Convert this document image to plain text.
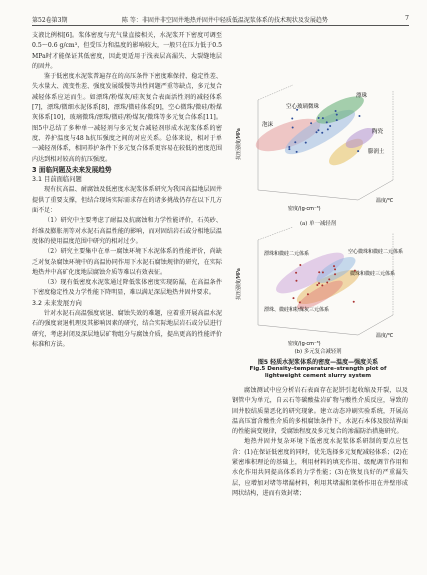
第52卷第3期	陈 等：非固井非空固井地热并固井中轻质低温泥浆体系的技术现状及发展趋势	7

支液比例相[6]。浆体密度与充气量直接相关，水泥浆开下密度可调至0.5～0.6 g/cm³，但受压力和温度的影响较大，一般只在压力低于0.5 MPa时才能保证其低密度，因此更适用于浅表层高漏失、大裂缝地层的固井。

鉴于低密度水泥浆普遍存在的高压条件下密度难保持、稳定性差、失水量大、流变性差、强度发展缓慢等共性问题严重等缺点，多元复合减轻体系应运而生。如漂珠/粉煤灰/硅灰复合表面活性剂的减轻体系[7]，漂珠/微细水泥体系[8]，漂珠/微硅体系[9]，空心微珠/微硅/粉煤灰体系[10]，玻璃微珠/漂珠/微硅/粉煤灰/微珠等多元复合体系[11]。图5中总结了多种单一减轻剂与多元复合减轻剂形成水泥浆体系的密度、养护温度与48 h抗压强度之间的对应关系。总体来说，相对于单一减轻剂体系，相同养护条件下多元复合体系更容易在较低的密度范围内达到相对较高的抗压强度。

3 面临问题及未来发展趋势

3.1 目前面临问题

现有抗高温、耐腐蚀及低密度水泥浆体系研究为我国高温地层固井提供了重要支撑，但结合现场实际需求存在的诸多挑战仍存在以下几方面不足：

（1）研究中主要考虑了耐温及抗腐蚀和力学性能评价，石英砂、纤维及膨胀剂等对水泥石高温性能的影响，而对固结岩石或分相地层温度体的使用温度范围中研究的相对过少。

（2）研究主要集中在单一腐蚀环境下水泥体系的性能评价，尚缺乏对复杂腐蚀环境中的高温协同作用下水泥石腐蚀规律的研究，在实际地热井中高矿化度地层腐蚀介质等难以有效表征。

（3）现有低密度水泥浆通过降低浆体密度实现防漏，在高温条件下密度稳定性及力学性能下降明显，难以满足深层地热井固井要求。

3.2 未来发展方向

针对水泥石高温强度衰退、腐蚀失效的难题，应着重开展高温水泥石的强度衰退机理及其影响因素的研究，结合实际地层岩石或分层进行研究，考虑封闭及深层地层矿物组分与腐蚀介质，提出更高的性能评价标准和方法。

空心玻璃微珠
漂珠
膨润土
陶瓷
泡沫
抗压强度/MPa
密度/(g·cm⁻³)
温度/℃
(a) 单一减轻剂
漂珠和微硅二元体系	空心微珠和微硅二元体系
微珠和微硅三元体系
漂珠、微硅和粉煤灰三元体系
抗压强度/MPa
密度/(g·cm⁻³)
温度/℃
(b) 多元复合减轻剂
图5 轻质水泥浆体系的密度—温度—强度关系
Fig.5 Density–temperature–strength plot of
lightweight cement slurry system

腐蚀测试中应分析岩石表面存在泥饼引起收缩及开裂，以及钢管中为单元，自云石等碳酸盐岩矿物与酸性介质反应，导致的固井胶结质量恶化的研究现象。建立动态冲刷实验系统，开展高温高压富含酸性介质的多相腐蚀条件下，水泥石本体及胶结界面的性能演变规律，受腐蚀程度及多元复合的渗漏防治措施研究。

地热井固井复杂环境下低密度水泥浆体系研制的要点应包含：(1)在保证低密度的同时，优先选择多元复配减轻体系；(2)在紧密堆积理论的基础上，利用材料的填充作用、级配调节作用和水化作用共同提高体系的力学性能；(3)在恢复良好的严重漏失层，应增加对堵等堵漏材料，利用其堵漏和架桥作用在井壁形成网状结构，进而有效封堵；
